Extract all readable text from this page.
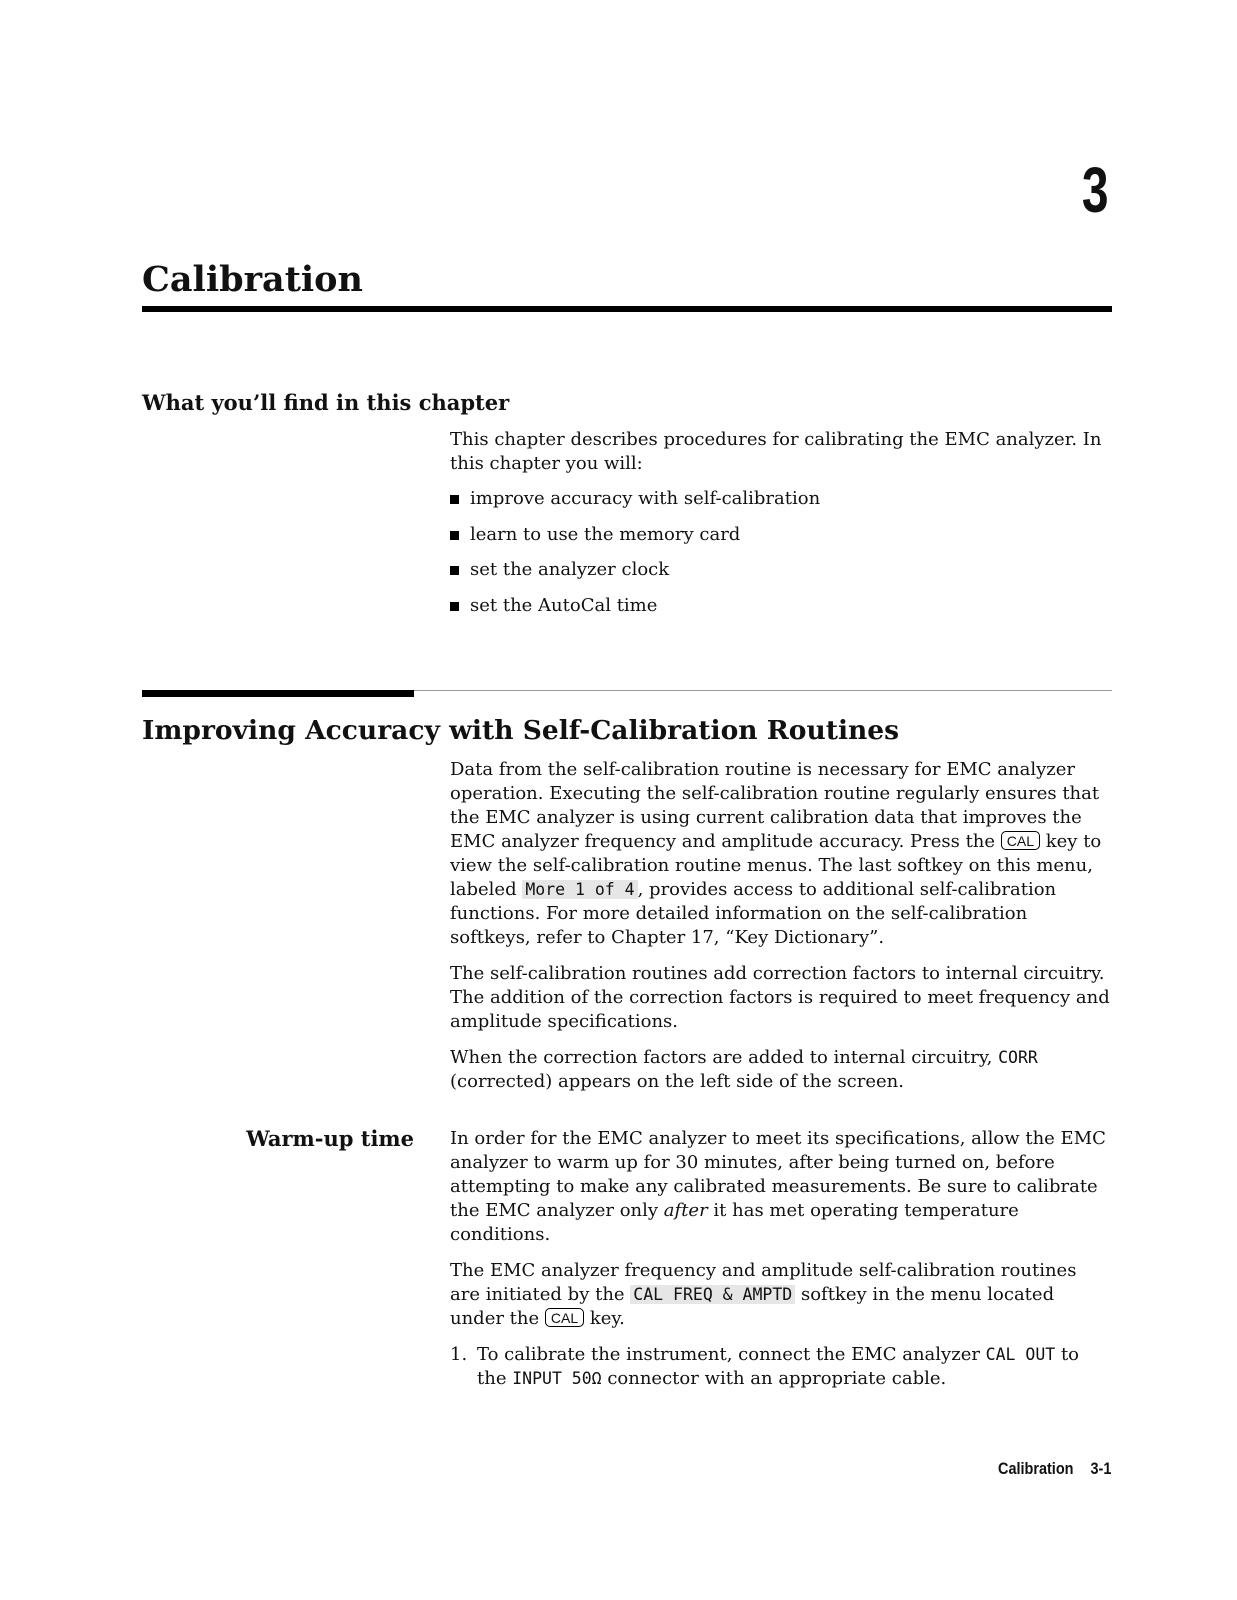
3
Calibration
What you’ll find in this chapter

This chapter describes procedures for calibrating the EMC analyzer. In this chapter you will:

improve accuracy with self-calibration
learn to use the memory card
set the analyzer clock
set the AutoCal time
Improving Accuracy with Self-Calibration Routines

Data from the self-calibration routine is necessary for EMC analyzer operation. Executing the self-calibration routine regularly ensures that the EMC analyzer is using current calibration data that improves the EMC analyzer frequency and amplitude accuracy. Press the CAL key to view the self-calibration routine menus. The last softkey on this menu, labeled More 1 of 4 , provides access to additional self-calibration functions. For more detailed information on the self-calibration softkeys, refer to Chapter 17, “Key Dictionary”.

The self-calibration routines add correction factors to internal circuitry. The addition of the correction factors is required to meet frequency and amplitude specifications.

When the correction factors are added to internal circuitry, CORR (corrected) appears on the left side of the screen.

Warm-up time In order for the EMC analyzer to meet its specifications, allow the EMC analyzer to warm up for 30 minutes, after being turned on, before attempting to make any calibrated measurements. Be sure to calibrate the EMC analyzer only after it has met operating temperature conditions.

The EMC analyzer frequency and amplitude self-calibration routines are initiated by the CAL FREQ & AMPTD softkey in the menu located under the CAL key.

1. To calibrate the instrument, connect the EMC analyzer CAL OUT to the INPUT 50Ω connector with an appropriate cable.
Calibration 3-1
